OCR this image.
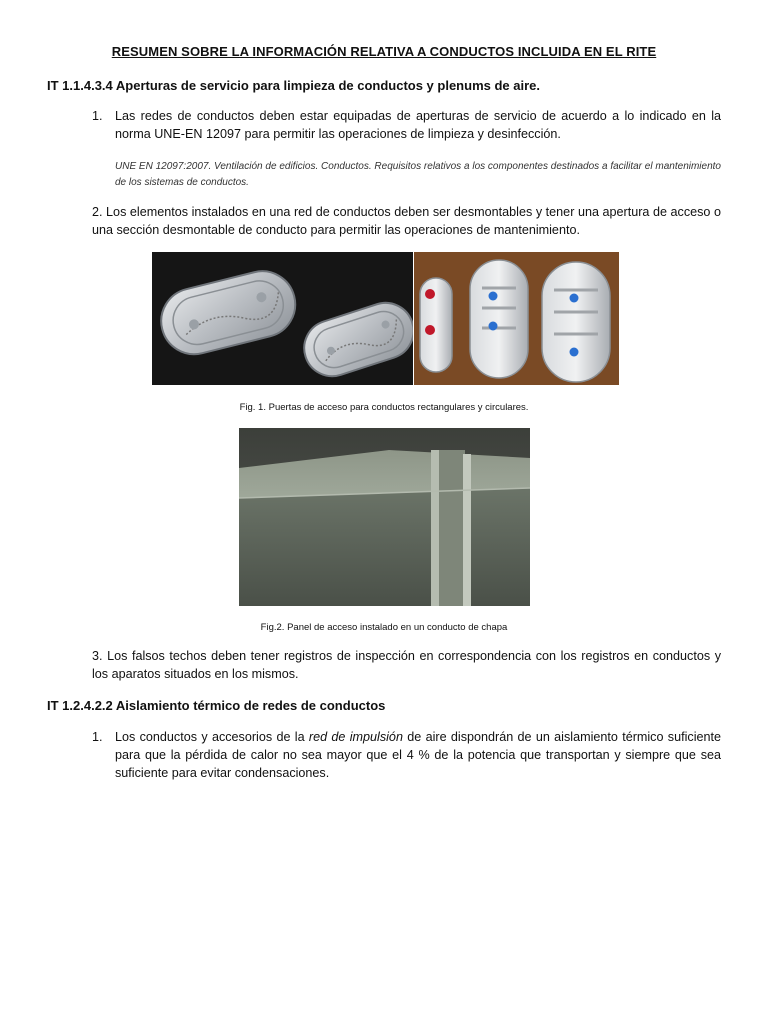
RESUMEN SOBRE LA INFORMACIÓN RELATIVA A CONDUCTOS INCLUIDA EN EL RITE
IT 1.1.4.3.4 Aperturas de servicio para limpieza de conductos y plenums de aire.
1. Las redes de conductos deben estar equipadas de aperturas de servicio de acuerdo a lo indicado en la norma UNE-EN 12097 para permitir las operaciones de limpieza y desinfección.
UNE EN 12097:2007. Ventilación de edificios. Conductos. Requisitos relativos a los componentes destinados a facilitar el mantenimiento de los sistemas de conductos.
2. Los elementos instalados en una red de conductos deben ser desmontables y tener una apertura de acceso o una sección desmontable de conducto para permitir las operaciones de mantenimiento.
Fig. 1. Puertas de acceso para conductos rectangulares y circulares.
Fig.2. Panel de acceso instalado en un conducto de chapa
3. Los falsos techos deben tener registros de inspección en correspondencia con los registros en conductos y los aparatos situados en los mismos.
IT 1.2.4.2.2 Aislamiento térmico de redes de conductos
1. Los conductos y accesorios de la red de impulsión de aire dispondrán de un aislamiento térmico suficiente para que la pérdida de calor no sea mayor que el 4 % de la potencia que transportan y siempre que sea suficiente para evitar condensaciones.
